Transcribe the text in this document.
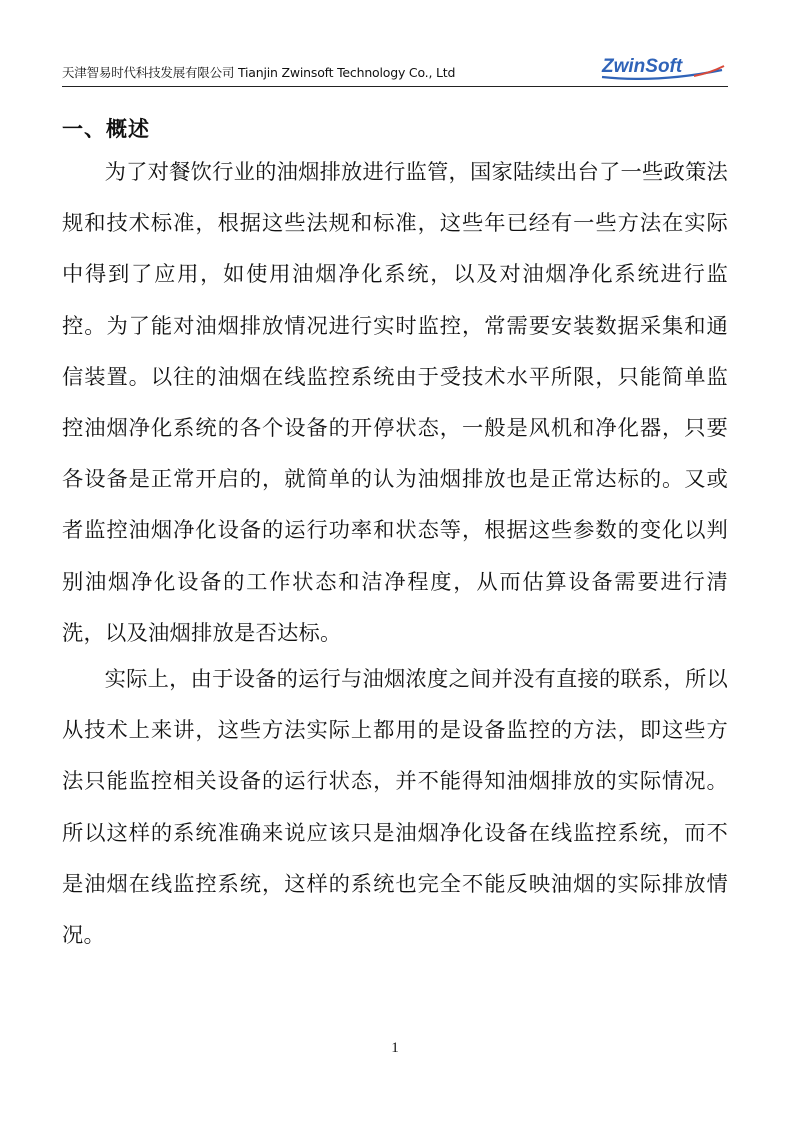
天津智易时代科技发展有限公司 Tianjin Zwinsoft Technology Co., Ltd	ZwinSoft
一、概述

为了对餐饮行业的油烟排放进行监管，国家陆续出台了一些政策法规和技术标准，根据这些法规和标准，这些年已经有一些方法在实际中得到了应用，如使用油烟净化系统，以及对油烟净化系统进行监控。为了能对油烟排放情况进行实时监控，常需要安装数据采集和通信装置。以往的油烟在线监控系统由于受技术水平所限，只能简单监控油烟净化系统的各个设备的开停状态，一般是风机和净化器，只要各设备是正常开启的，就简单的认为油烟排放也是正常达标的。又或者监控油烟净化设备的运行功率和状态等，根据这些参数的变化以判别油烟净化设备的工作状态和洁净程度，从而估算设备需要进行清洗，以及油烟排放是否达标。

实际上，由于设备的运行与油烟浓度之间并没有直接的联系，所以从技术上来讲，这些方法实际上都用的是设备监控的方法，即这些方法只能监控相关设备的运行状态，并不能得知油烟排放的实际情况。所以这样的系统准确来说应该只是油烟净化设备在线监控系统，而不是油烟在线监控系统，这样的系统也完全不能反映油烟的实际排放情况。

1
